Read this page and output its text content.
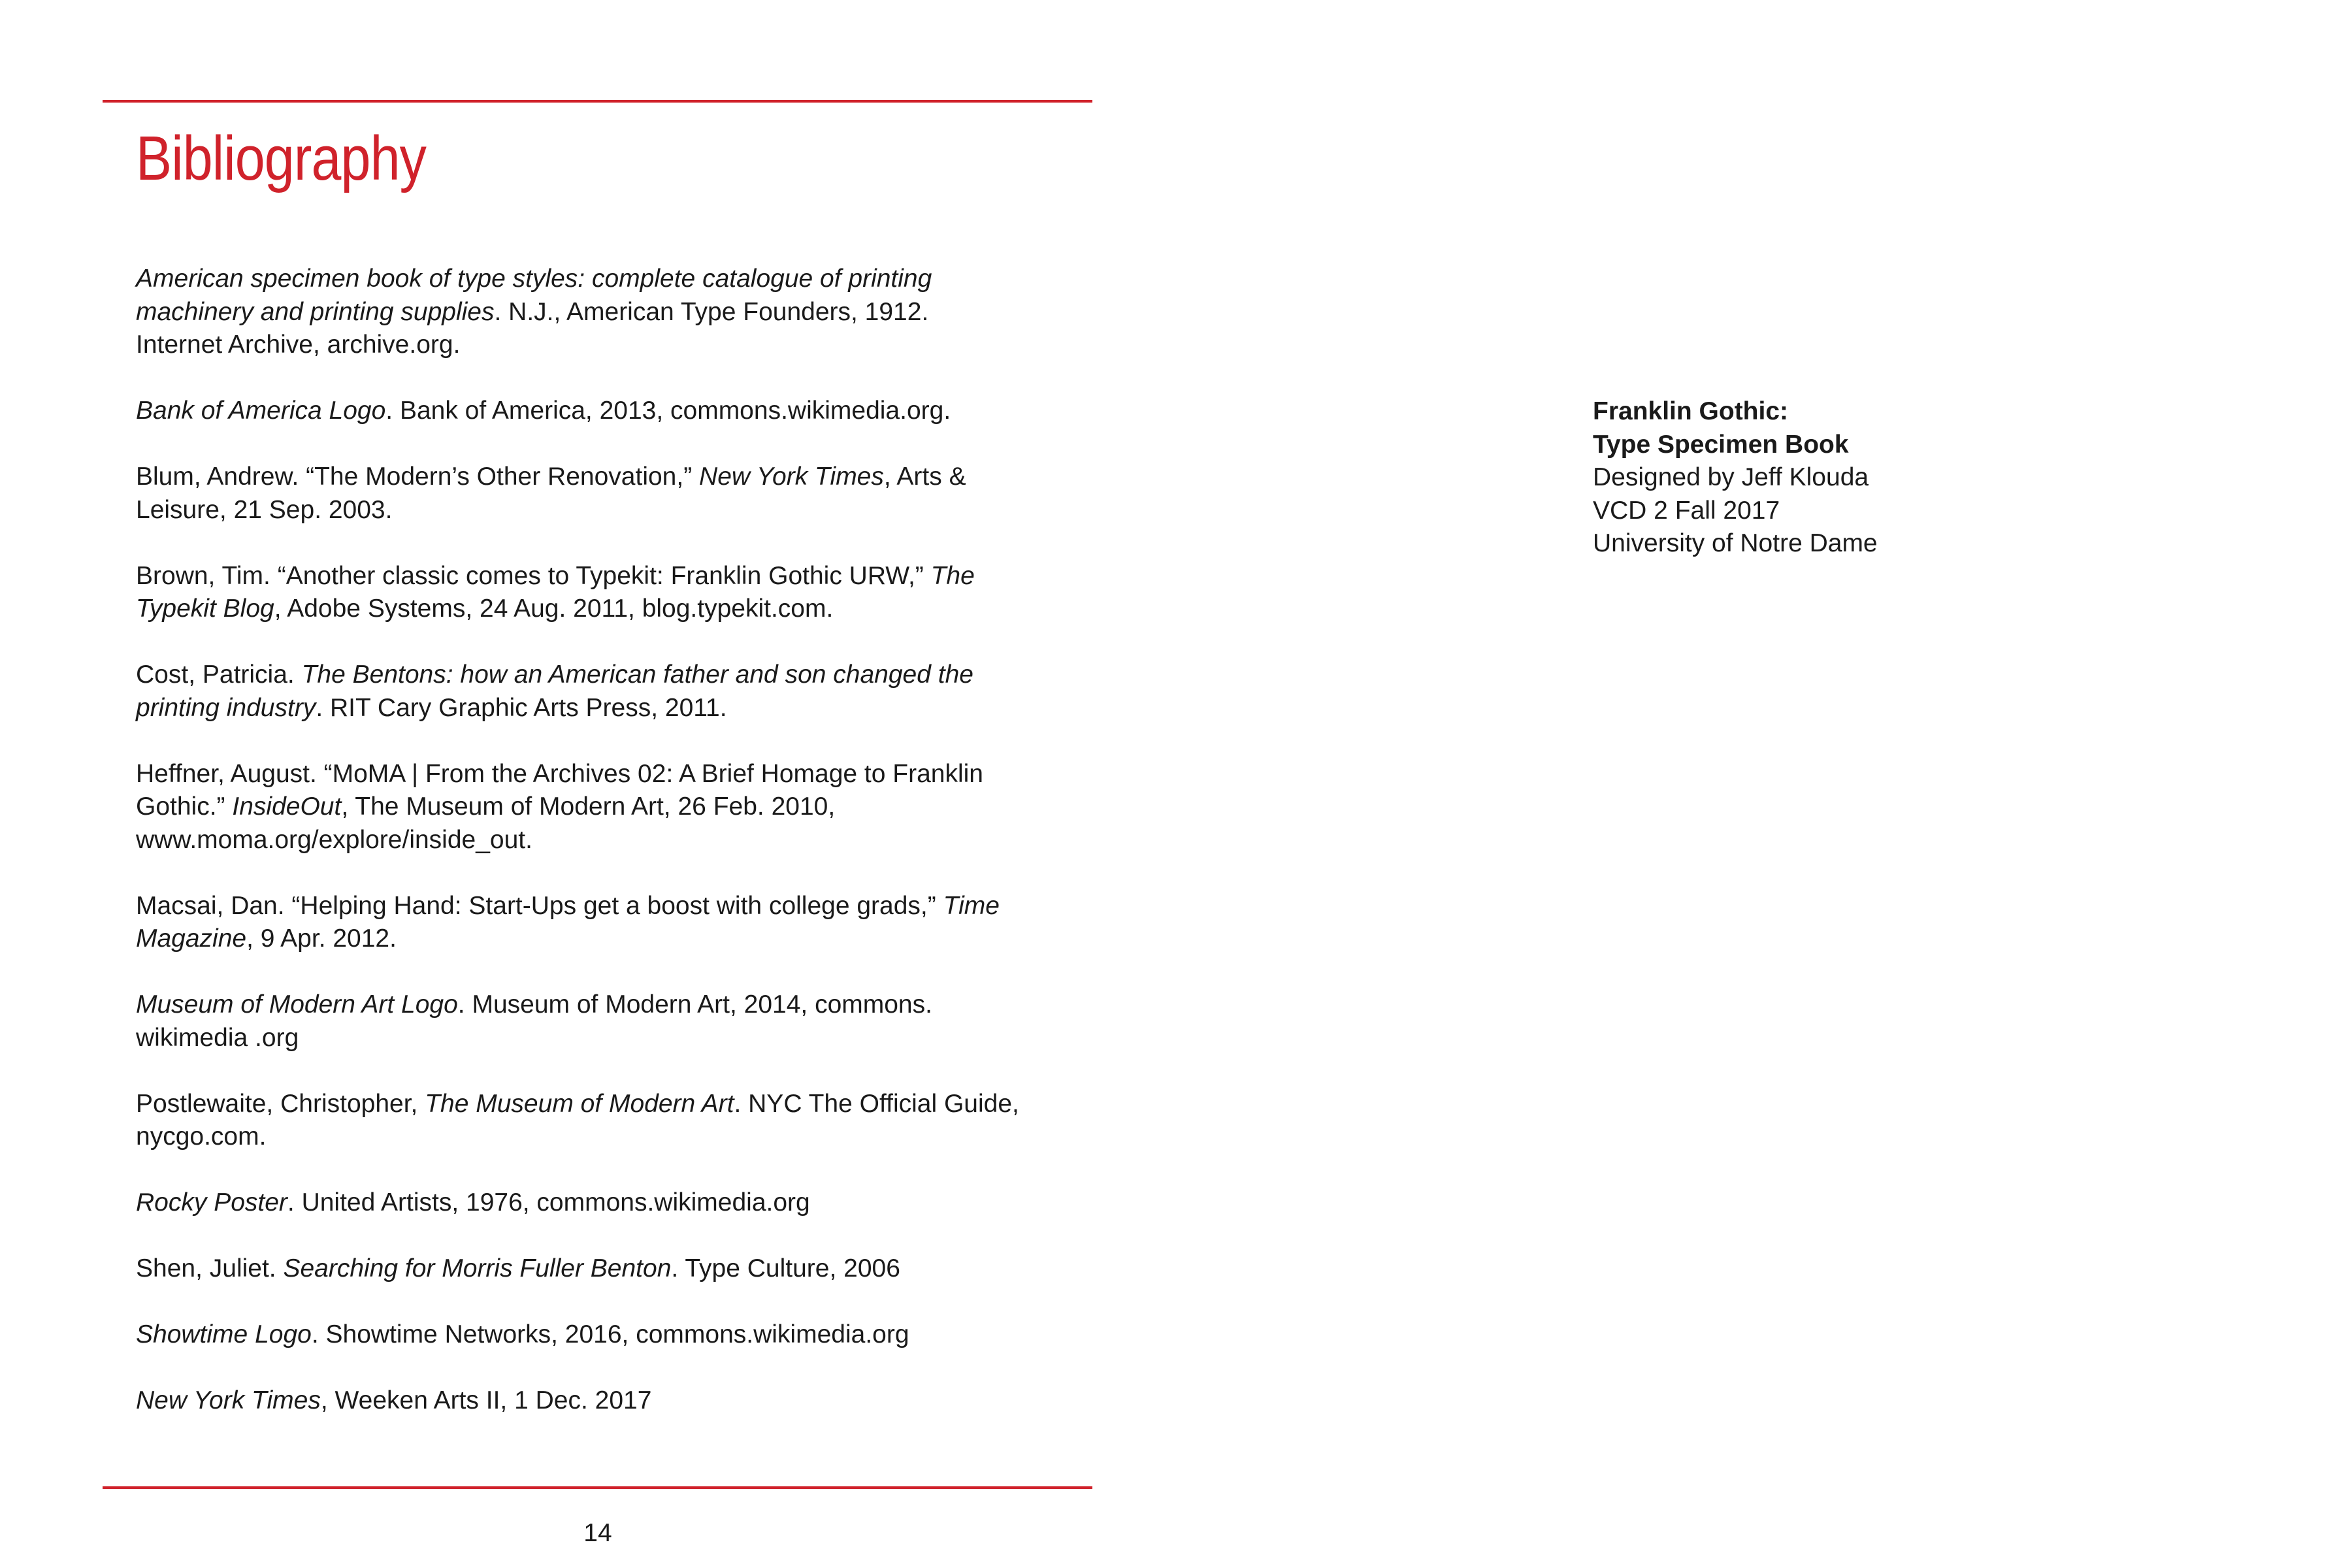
Bibliography
American specimen book of type styles: complete catalogue of printing
machinery and printing supplies. N.J., American Type Founders, 1912.
Internet Archive, archive.org.
Bank of America Logo. Bank of America, 2013, commons.wikimedia.org.
Blum, Andrew. “The Modern’s Other Renovation,” New York Times, Arts &
Leisure, 21 Sep. 2003.
Brown, Tim. “Another classic comes to Typekit: Franklin Gothic URW,” The
Typekit Blog, Adobe Systems, 24 Aug. 2011, blog.typekit.com.
Cost, Patricia. The Bentons: how an American father and son changed the
printing industry. RIT Cary Graphic Arts Press, 2011.
Heffner, August. “MoMA | From the Archives 02: A Brief Homage to Franklin
Gothic.” InsideOut, The Museum of Modern Art, 26 Feb. 2010,
www.moma.org/explore/inside_out.
Macsai, Dan. “Helping Hand: Start-Ups get a boost with college grads,” Time
Magazine, 9 Apr. 2012.
Museum of Modern Art Logo. Museum of Modern Art, 2014, commons.
wikimedia .org
Postlewaite, Christopher, The Museum of Modern Art. NYC The Official Guide,
nycgo.com.
Rocky Poster. United Artists, 1976, commons.wikimedia.org
Shen, Juliet. Searching for Morris Fuller Benton. Type Culture, 2006
Showtime Logo. Showtime Networks, 2016, commons.wikimedia.org
New York Times, Weeken Arts II, 1 Dec. 2017
14
Franklin Gothic:
Type Specimen Book
Designed by Jeff Klouda
VCD 2 Fall 2017
University of Notre Dame
